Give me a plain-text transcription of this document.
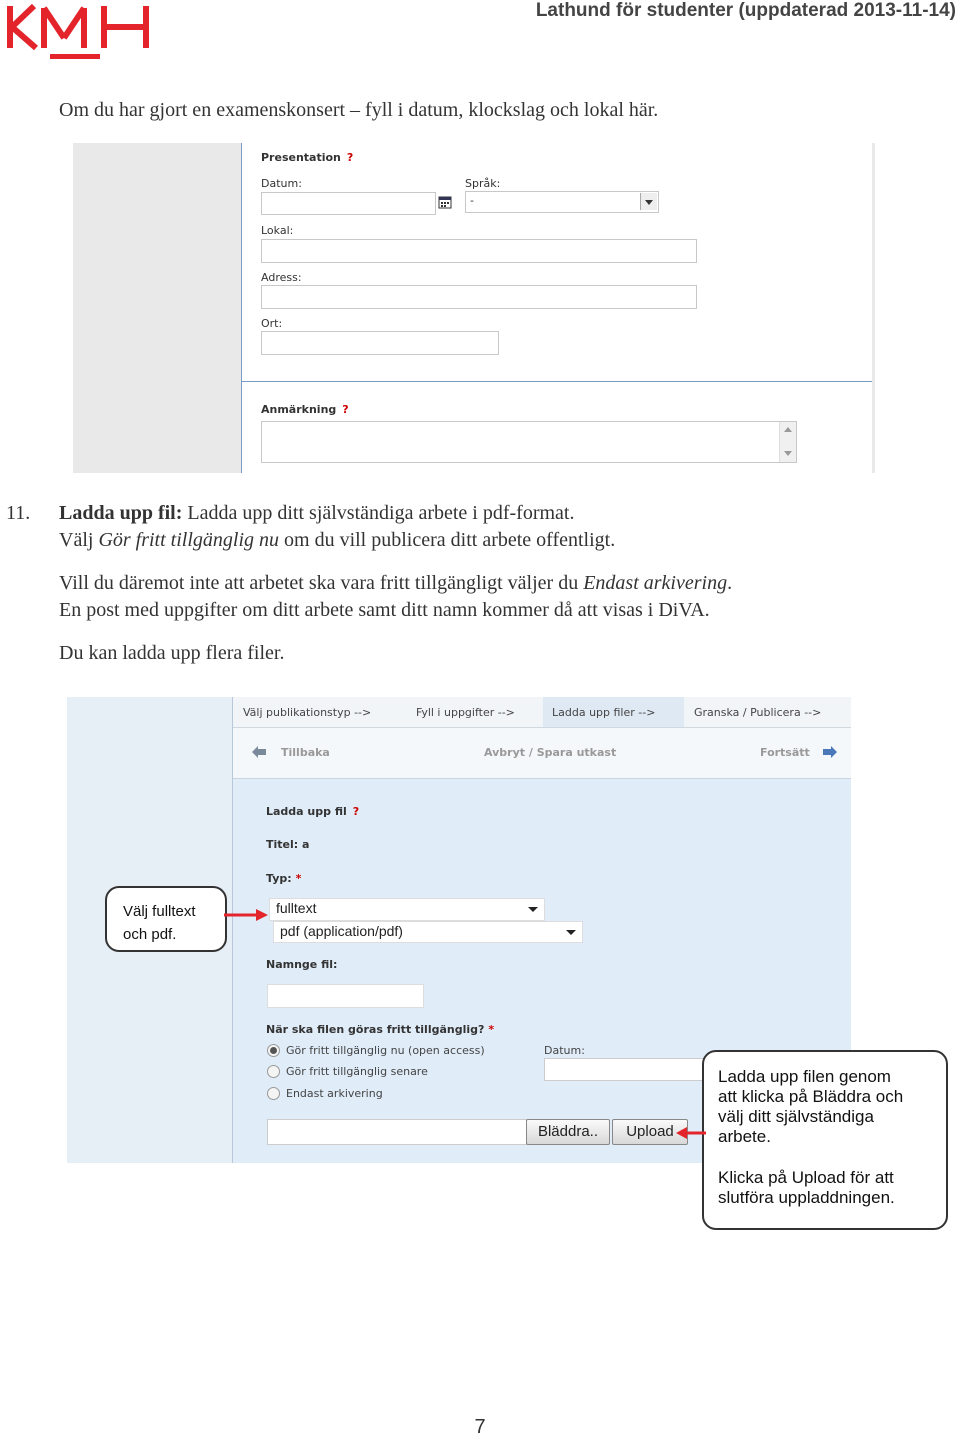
Lathund för studenter (uppdaterad 2013-11-14)
Om du har gjort en examenskonsert – fyll i datum, klockslag och lokal här.
Presentation ?
Datum:	Språk:
-
Lokal:
Adress:
Ort:
Anmärkning ?
11. Ladda upp fil: Ladda upp ditt självständiga arbete i pdf-format.
Välj Gör fritt tillgänglig nu om du vill publicera ditt arbete offentligt.
Vill du däremot inte att arbetet ska vara fritt tillgängligt väljer du Endast arkivering.
En post med uppgifter om ditt arbete samt ditt namn kommer då att visas i DiVA.
Du kan ladda upp flera filer.
Välj publikationstyp -->	Fyll i uppgifter -->	Ladda upp filer -->	Granska / Publicera -->
Tillbaka	Avbryt / Spara utkast	Fortsätt
Ladda upp fil ?
Titel: a
Typ: *
fulltext
pdf (application/pdf)
Namnge fil:
När ska filen göras fritt tillgänglig? *
Gör fritt tillgänglig nu (open access)
Gör fritt tillgänglig senare
Endast arkivering
Datum:
Bläddra..	Upload
Välj fulltext
och pdf.
Ladda upp filen genom
att klicka på Bläddra och
välj ditt självständiga
arbete.
Klicka på Upload för att
slutföra uppladdningen.
7
